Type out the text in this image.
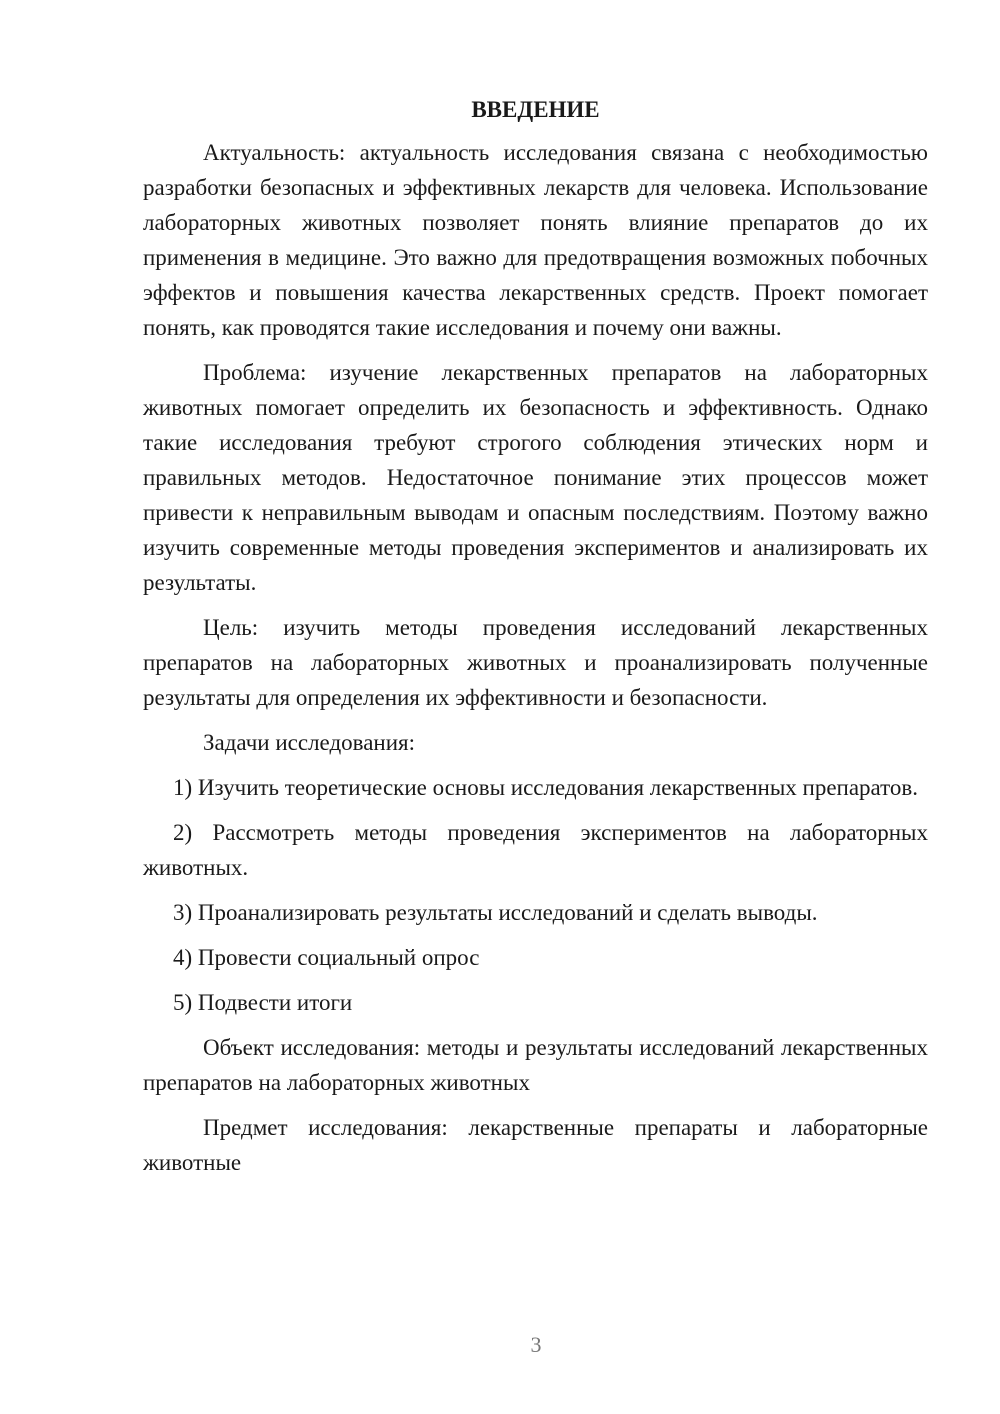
ВВЕДЕНИЕ

Актуальность: актуальность исследования связана с необходимостью разработки безопасных и эффективных лекарств для человека. Использование лабораторных животных позволяет понять влияние препаратов до их применения в медицине. Это важно для предотвращения возможных побочных эффектов и повышения качества лекарственных средств. Проект помогает понять, как проводятся такие исследования и почему они важны.

Проблема: изучение лекарственных препаратов на лабораторных животных помогает определить их безопасность и эффективность. Однако такие исследования требуют строгого соблюдения этических норм и правильных методов. Недостаточное понимание этих процессов может привести к неправильным выводам и опасным последствиям. Поэтому важно изучить современные методы проведения экспериментов и анализировать их результаты.

Цель: изучить методы проведения исследований лекарственных препаратов на лабораторных животных и проанализировать полученные результаты для определения их эффективности и безопасности.

Задачи исследования:

1) Изучить теоретические основы исследования лекарственных препаратов.

2) Рассмотреть методы проведения экспериментов на лабораторных животных.

3) Проанализировать результаты исследований и сделать выводы.

4) Провести социальный опрос

5) Подвести итоги

Объект исследования: методы и результаты исследований лекарственных препаратов на лабораторных животных

Предмет исследования: лекарственные препараты и лабораторные животные

3
